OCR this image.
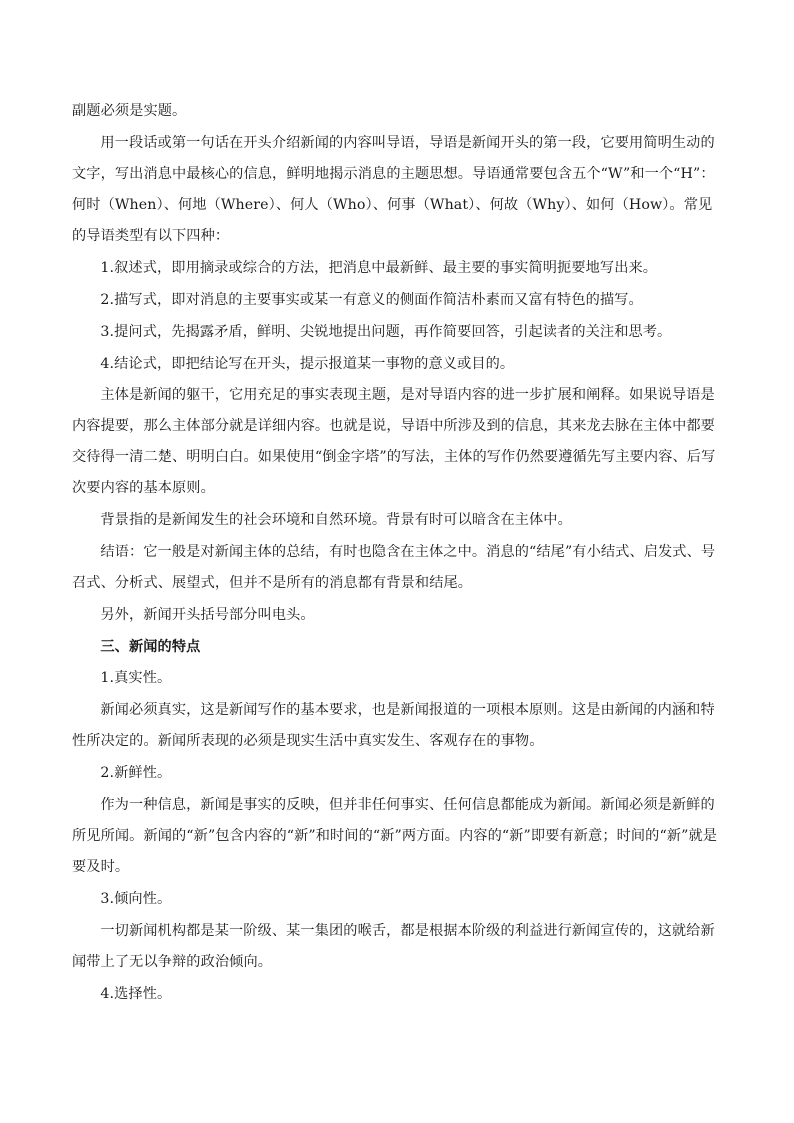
副题必须是实题。

用一段话或第一句话在开头介绍新闻的内容叫导语，导语是新闻开头的第一段，它要用简明生动的文字，写出消息中最核心的信息，鲜明地揭示消息的主题思想。导语通常要包含五个“W”和一个“H”：何时（When）、何地（Where）、何人（Who）、何事（What）、何故（Why）、如何（How）。常见的导语类型有以下四种：

1.叙述式，即用摘录或综合的方法，把消息中最新鲜、最主要的事实简明扼要地写出来。

2.描写式，即对消息的主要事实或某一有意义的侧面作简洁朴素而又富有特色的描写。

3.提问式，先揭露矛盾，鲜明、尖锐地提出问题，再作简要回答，引起读者的关注和思考。

4.结论式，即把结论写在开头，提示报道某一事物的意义或目的。

主体是新闻的躯干，它用充足的事实表现主题，是对导语内容的进一步扩展和阐释。如果说导语是内容提要，那么主体部分就是详细内容。也就是说，导语中所涉及到的信息，其来龙去脉在主体中都要交待得一清二楚、明明白白。如果使用“倒金字塔”的写法，主体的写作仍然要遵循先写主要内容、后写次要内容的基本原则。

背景指的是新闻发生的社会环境和自然环境。背景有时可以暗含在主体中。

结语：它一般是对新闻主体的总结，有时也隐含在主体之中。消息的“结尾”有小结式、启发式、号召式、分析式、展望式，但并不是所有的消息都有背景和结尾。

另外，新闻开头括号部分叫电头。

三、新闻的特点

1.真实性。

新闻必须真实，这是新闻写作的基本要求，也是新闻报道的一项根本原则。这是由新闻的内涵和特性所决定的。新闻所表现的必须是现实生活中真实发生、客观存在的事物。

2.新鲜性。

作为一种信息，新闻是事实的反映，但并非任何事实、任何信息都能成为新闻。新闻必须是新鲜的所见所闻。新闻的“新”包含内容的“新”和时间的“新”两方面。内容的“新”即要有新意；时间的“新”就是要及时。

3.倾向性。

一切新闻机构都是某一阶级、某一集团的喉舌，都是根据本阶级的利益进行新闻宣传的，这就给新闻带上了无以争辩的政治倾向。

4.选择性。
